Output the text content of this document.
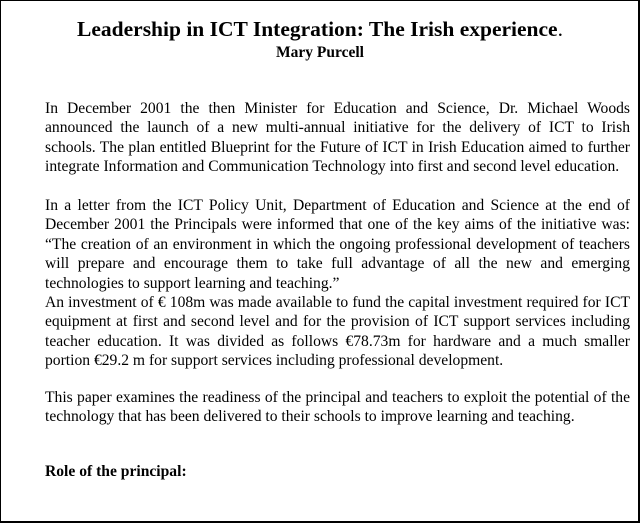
Leadership in ICT Integration: The Irish experience.
Mary Purcell

In December 2001 the then Minister for Education and Science, Dr. Michael Woods announced the launch of a new multi-annual initiative for the delivery of ICT to Irish schools. The plan entitled Blueprint for the Future of ICT in Irish Education aimed to further integrate Information and Communication Technology into first and second level education.

In a letter from the ICT Policy Unit, Department of Education and Science at the end of December 2001 the Principals were informed that one of the key aims of the initiative was: “The creation of an environment in which the ongoing professional development of teachers will prepare and encourage them to take full advantage of all the new and emerging technologies to support learning and teaching.”

An investment of € 108m was made available to fund the capital investment required for ICT equipment at first and second level and for the provision of ICT support services including teacher education. It was divided as follows €78.73m for hardware and a much smaller portion €29.2 m for support services including professional development.

This paper examines the readiness of the principal and teachers to exploit the potential of the technology that has been delivered to their schools to improve learning and teaching.

Role of the principal:
